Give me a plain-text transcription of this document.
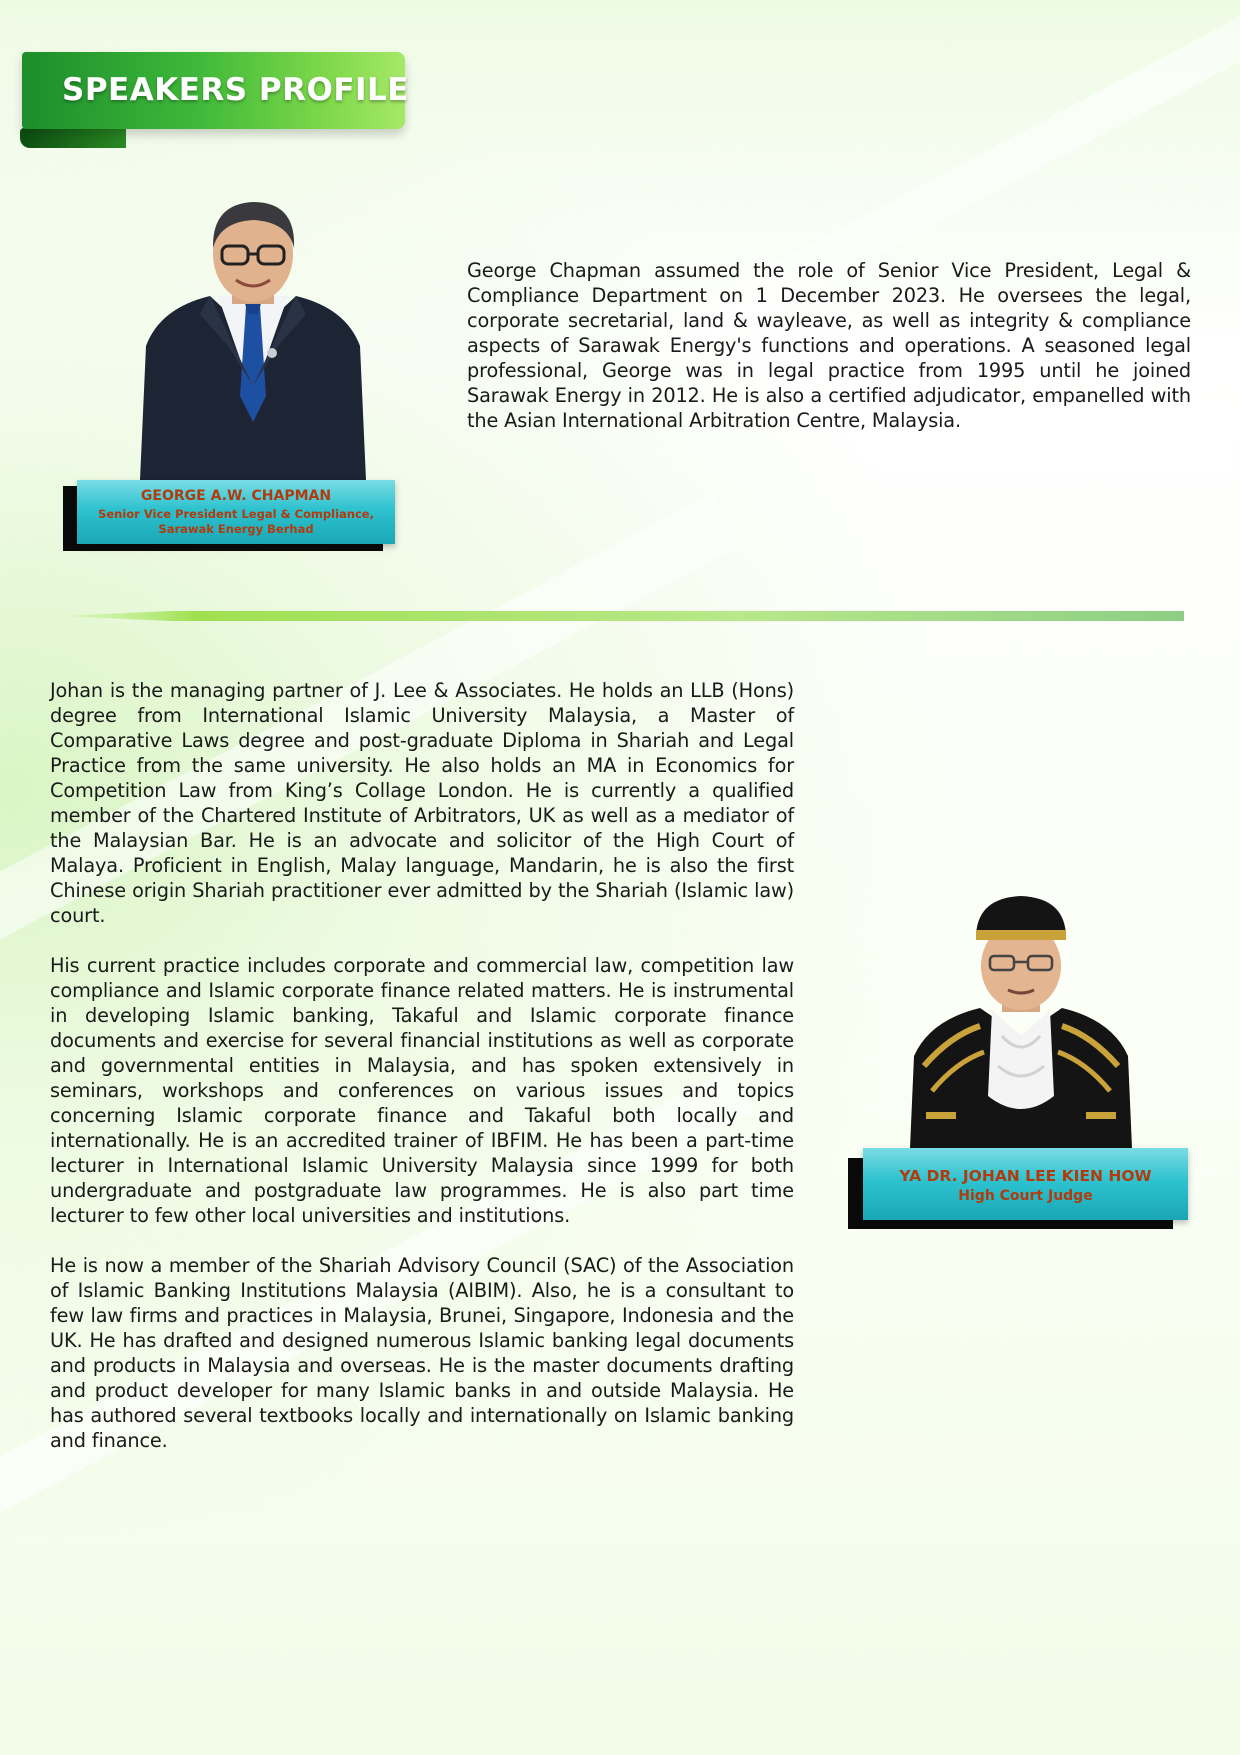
SPEAKERS PROFILE
GEORGE A.W. CHAPMAN
Senior Vice President Legal & Compliance,
Sarawak Energy Berhad

George Chapman assumed the role of Senior Vice President, Legal & Compliance Department on 1 December 2023. He oversees the legal, corporate secretarial, land & wayleave, as well as integrity & compliance aspects of Sarawak Energy's functions and operations. A seasoned legal professional, George was in legal practice from 1995 until he joined Sarawak Energy in 2012. He is also a certified adjudicator, empanelled with the Asian International Arbitration Centre, Malaysia.

Johan is the managing partner of J. Lee & Associates. He holds an LLB (Hons) degree from International Islamic University Malaysia, a Master of Comparative Laws degree and post-graduate Diploma in Shariah and Legal Practice from the same university. He also holds an MA in Economics for Competition Law from King’s Collage London. He is currently a qualified member of the Chartered Institute of Arbitrators, UK as well as a mediator of the Malaysian Bar. He is an advocate and solicitor of the High Court of Malaya. Proficient in English, Malay language, Mandarin, he is also the first Chinese origin Shariah practitioner ever admitted by the Shariah (Islamic law) court.

His current practice includes corporate and commercial law, competition law compliance and Islamic corporate finance related matters. He is instrumental in developing Islamic banking, Takaful and Islamic corporate finance documents and exercise for several financial institutions as well as corporate and governmental entities in Malaysia, and has spoken extensively in seminars, workshops and conferences on various issues and topics concerning Islamic corporate finance and Takaful both locally and internationally. He is an accredited trainer of IBFIM. He has been a part-time lecturer in International Islamic University Malaysia since 1999 for both undergraduate and postgraduate law programmes. He is also part time lecturer to few other local universities and institutions.

He is now a member of the Shariah Advisory Council (SAC) of the Association of Islamic Banking Institutions Malaysia (AIBIM). Also, he is a consultant to few law firms and practices in Malaysia, Brunei, Singapore, Indonesia and the UK. He has drafted and designed numerous Islamic banking legal documents and products in Malaysia and overseas. He is the master documents drafting and product developer for many Islamic banks in and outside Malaysia. He has authored several textbooks locally and internationally on Islamic banking and finance.

YA DR. JOHAN LEE KIEN HOW
High Court Judge
